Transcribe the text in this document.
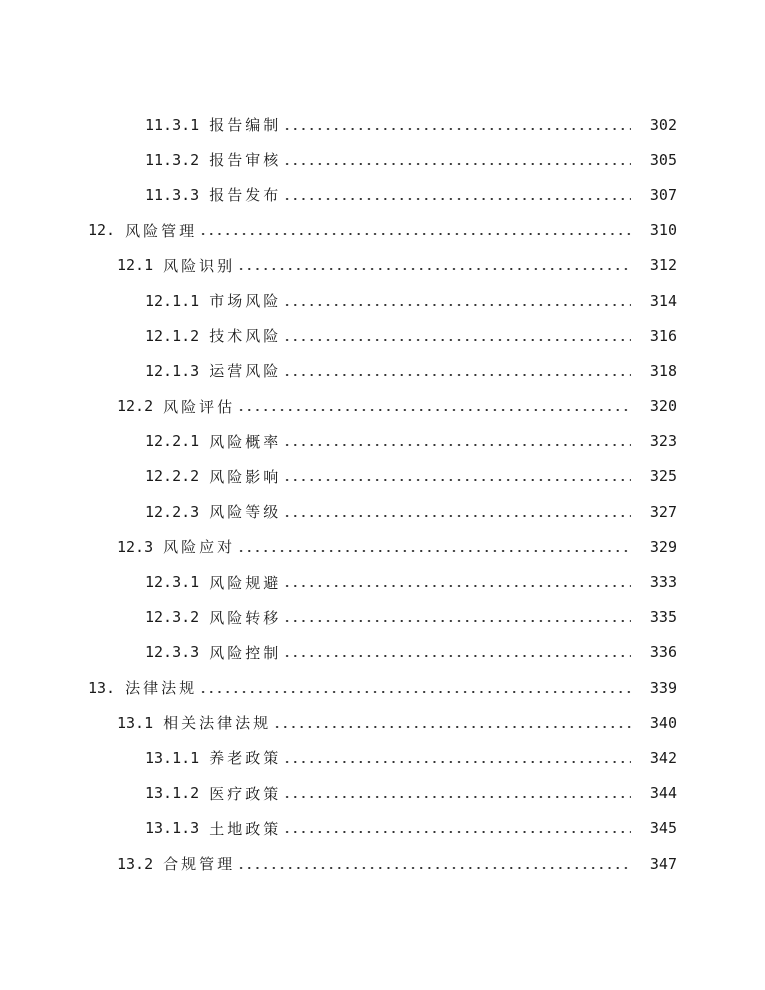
11.3.1 报告编制	302
11.3.2 报告审核	305
11.3.3 报告发布	307
12. 风险管理	310
12.1 风险识别	312
12.1.1 市场风险	314
12.1.2 技术风险	316
12.1.3 运营风险	318
12.2 风险评估	320
12.2.1 风险概率	323
12.2.2 风险影响	325
12.2.3 风险等级	327
12.3 风险应对	329
12.3.1 风险规避	333
12.3.2 风险转移	335
12.3.3 风险控制	336
13. 法律法规	339
13.1 相关法律法规	340
13.1.1 养老政策	342
13.1.2 医疗政策	344
13.1.3 土地政策	345
13.2 合规管理	347
